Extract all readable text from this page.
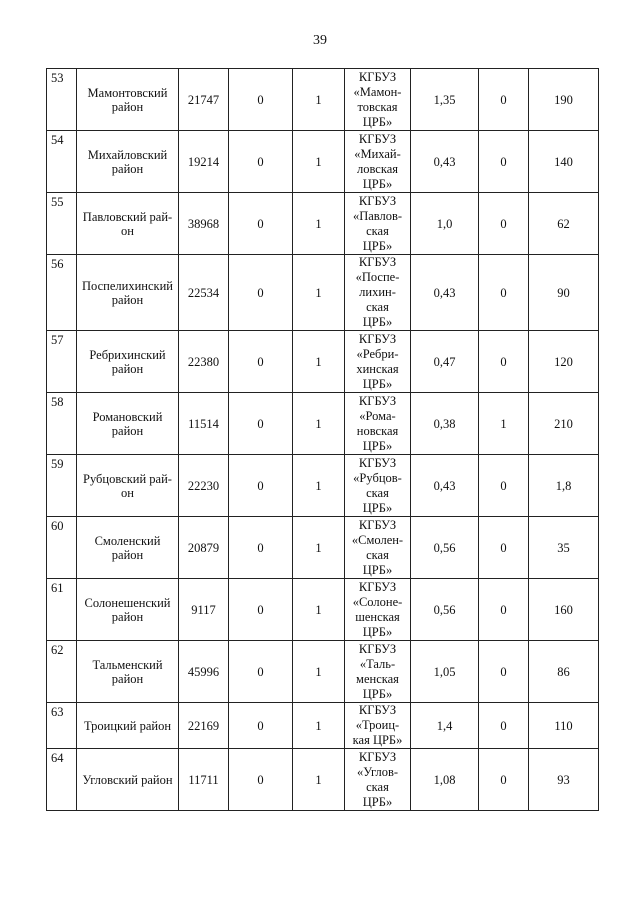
39
53	Мамонтовский район	21747	0	1	КГБУЗ
«Мамон-
товская
ЦРБ»	1,35	0	190
54	Михайловский район	19214	0	1	КГБУЗ
«Михай-
ловская
ЦРБ»	0,43	0	140
55	Павловский рай-он	38968	0	1	КГБУЗ
«Павлов-
ская
ЦРБ»	1,0	0	62
56	Поспелихинский район	22534	0	1	КГБУЗ
«Поспе-
лихин-
ская
ЦРБ»	0,43	0	90
57	Ребрихинский район	22380	0	1	КГБУЗ
«Ребри-
хинская
ЦРБ»	0,47	0	120
58	Романовский район	11514	0	1	КГБУЗ
«Рома-
новская
ЦРБ»	0,38	1	210
59	Рубцовский рай-он	22230	0	1	КГБУЗ
«Рубцов-
ская
ЦРБ»	0,43	0	1,8
60	Смоленский район	20879	0	1	КГБУЗ
«Смолен-
ская
ЦРБ»	0,56	0	35
61	Солонешенский район	9117	0	1	КГБУЗ
«Солоне-
шенская
ЦРБ»	0,56	0	160
62	Тальменский район	45996	0	1	КГБУЗ
«Таль-
менская
ЦРБ»	1,05	0	86
63	Троицкий район	22169	0	1	КГБУЗ
«Троиц-
кая ЦРБ»	1,4	0	110
64	Угловский район	11711	0	1	КГБУЗ
«Углов-
ская
ЦРБ»	1,08	0	93
